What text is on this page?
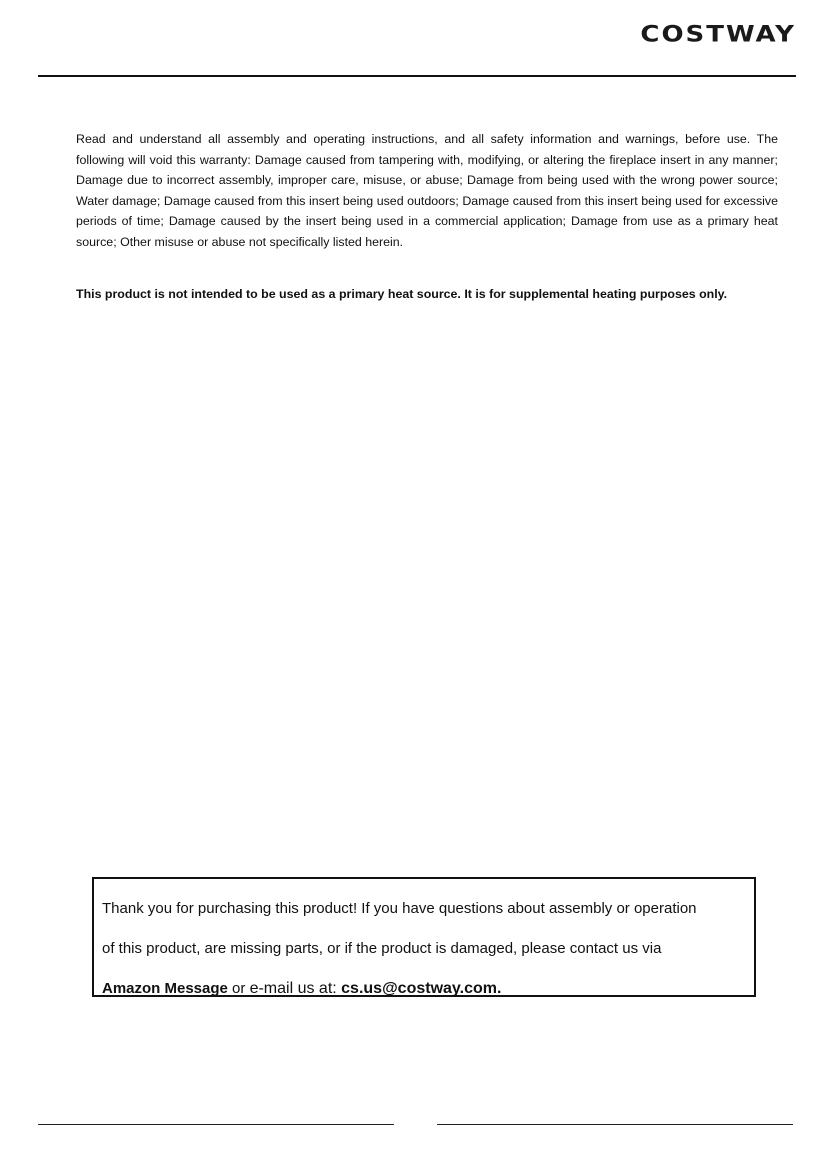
COSTWAY

Read and understand all assembly and operating instructions, and all safety information and warnings, before use. The following will void this warranty: Damage caused from tampering with, modifying, or altering the fireplace insert in any manner; Damage due to incorrect assembly, improper care, misuse, or abuse; Damage from being used with the wrong power source; Water damage; Damage caused from this insert being used outdoors; Damage caused from this insert being used for excessive periods of time; Damage caused by the insert being used in a commercial application; Damage from use as a primary heat source; Other misuse or abuse not specifically listed herein.

This product is not intended to be used as a primary heat source. It is for supplemental heating purposes only.

Thank you for purchasing this product! If you have questions about assembly or operation

of this product, are missing parts, or if the product is damaged, please contact us via

Amazon Message or e-mail us at: cs.us@costway.com.
